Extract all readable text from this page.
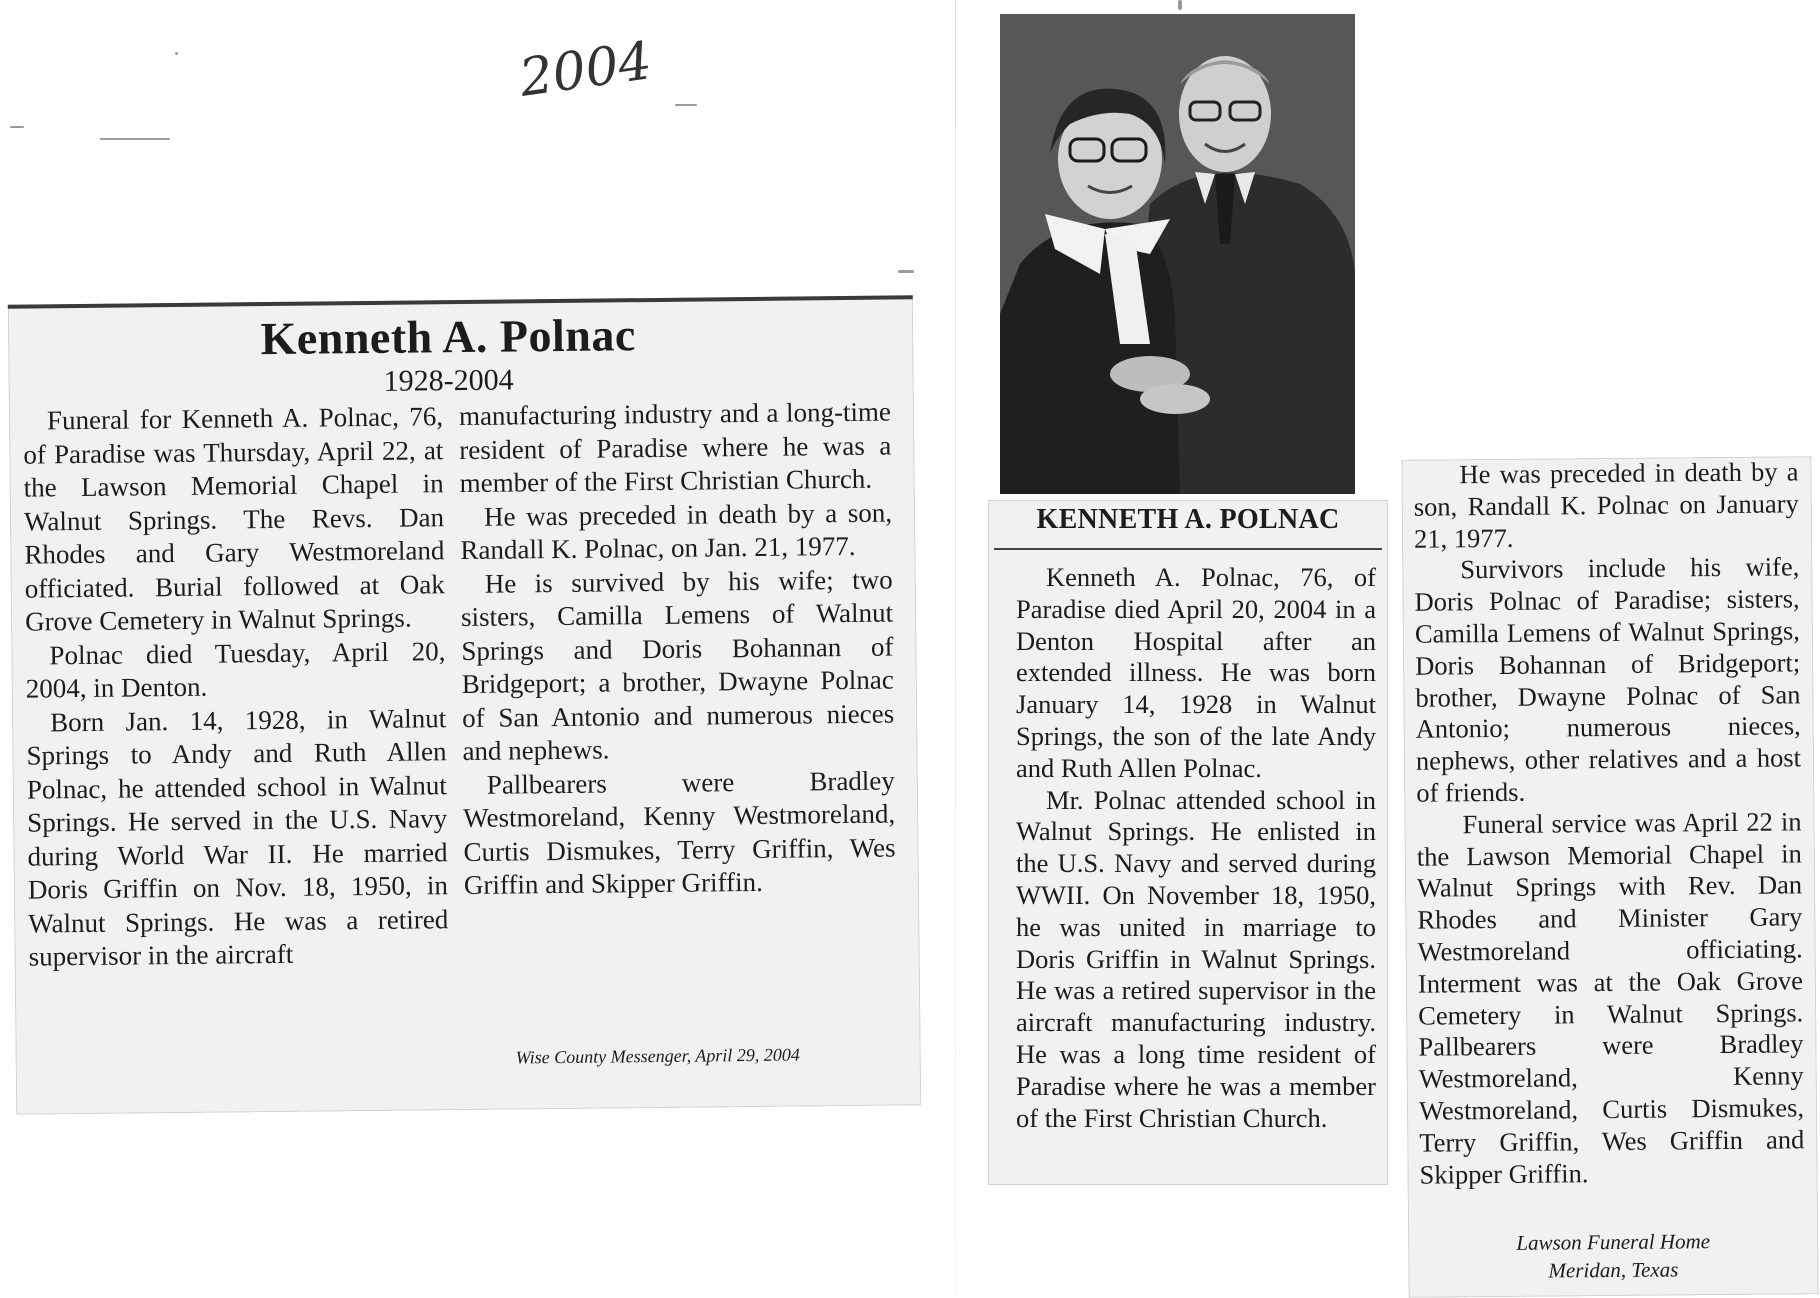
2004
Kenneth A. Polnac
1928-2004

Funeral for Kenneth A. Polnac, 76, of Paradise was Thursday, April 22, at the Lawson Memorial Chapel in Walnut Springs. The Revs. Dan Rhodes and Gary Westmoreland officiated. Burial followed at Oak Grove Cemetery in Walnut Springs.

Polnac died Tuesday, April 20, 2004, in Denton.

Born Jan. 14, 1928, in Walnut Springs to Andy and Ruth Allen Polnac, he attended school in Walnut Springs. He served in the U.S. Navy during World War II. He married Doris Griffin on Nov. 18, 1950, in Walnut Springs. He was a retired supervisor in the aircraft

manufacturing industry and a long-time resident of Paradise where he was a member of the First Christian Church.

He was preceded in death by a son, Randall K. Polnac, on Jan. 21, 1977.

He is survived by his wife; two sisters, Camilla Lemens of Walnut Springs and Doris Bohannan of Bridgeport; a brother, Dwayne Polnac of San Antonio and numerous nieces and nephews.

Pallbearers were Bradley Westmoreland, Kenny Westmoreland, Curtis Dismukes, Terry Griffin, Wes Griffin and Skipper Griffin.

Wise County Messenger, April 29, 2004
KENNETH A. POLNAC

Kenneth A. Polnac, 76, of Paradise died April 20, 2004 in a Denton Hospital after an extended illness. He was born January 14, 1928 in Walnut Springs, the son of the late Andy and Ruth Allen Polnac.

Mr. Polnac attended school in Walnut Springs. He enlisted in the U.S. Navy and served during WWII. On November 18, 1950, he was united in marriage to Doris Griffin in Walnut Springs. He was a retired supervisor in the aircraft manufacturing industry. He was a long time resident of Paradise where he was a member of the First Christian Church.

He was preceded in death by a son, Randall K. Polnac on January 21, 1977.

Survivors include his wife, Doris Polnac of Paradise; sisters, Camilla Lemens of Walnut Springs, Doris Bohannan of Bridgeport; brother, Dwayne Polnac of San Antonio; numerous nieces, nephews, other relatives and a host of friends.

Funeral service was April 22 in the Lawson Memorial Chapel in Walnut Springs with Rev. Dan Rhodes and Minister Gary Westmoreland officiating. Interment was at the Oak Grove Cemetery in Walnut Springs. Pallbearers were Bradley Westmoreland, Kenny Westmoreland, Curtis Dismukes, Terry Griffin, Wes Griffin and Skipper Griffin.

Lawson Funeral Home
Meridan, Texas
